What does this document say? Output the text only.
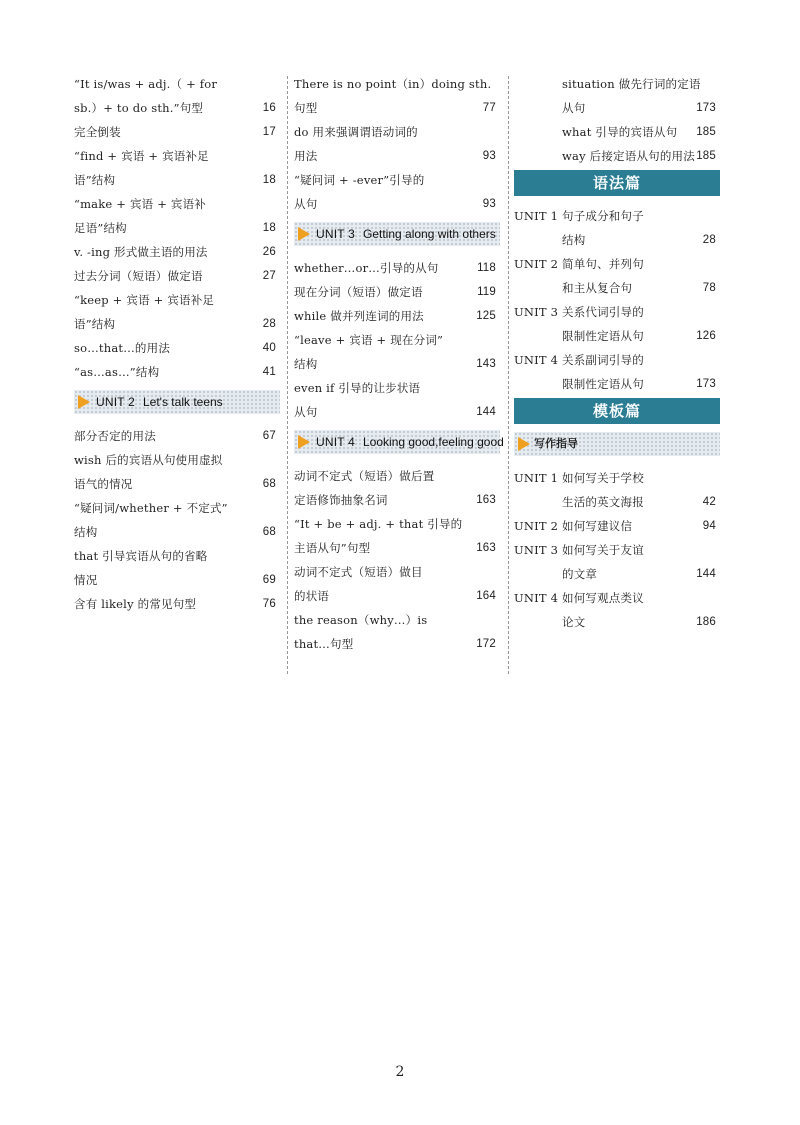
“It is/was + adj.（ + for
sb.）+ to do sth.”句型	16
完全倒装	17
“find + 宾语 + 宾语补足
语”结构	18
“make + 宾语 + 宾语补
足语”结构	18
v. -ing 形式做主语的用法	26
过去分词（短语）做定语	27
“keep + 宾语 + 宾语补足
语”结构	28
so…that…的用法	40
“as…as…”结构	41
UNIT 2 Let's talk teens
部分否定的用法	67
wish 后的宾语从句使用虚拟
语气的情况	68
“疑问词/whether + 不定式”
结构	68
that 引导宾语从句的省略
情况	69
含有 likely 的常见句型	76
There is no point（in）doing sth.
句型	77
do 用来强调谓语动词的
用法	93
“疑问词 + -ever”引导的
从句	93
UNIT 3 Getting along with others
whether…or…引导的从句	118
现在分词（短语）做定语	119
while 做并列连词的用法	125
“leave + 宾语 + 现在分词”
结构	143
even if 引导的让步状语
从句	144
UNIT 4 Looking good,feeling good
动词不定式（短语）做后置
定语修饰抽象名词	163
“It + be + adj. + that 引导的
主语从句”句型	163
动词不定式（短语）做目
的状语	164
the reason（why…）is
that…句型	172
situation 做先行词的定语
从句	173
what 引导的宾语从句	185
way 后接定语从句的用法 185
语法篇
UNIT 1 句子成分和句子
结构	28
UNIT 2 简单句、并列句
和主从复合句	78
UNIT 3 关系代词引导的
限制性定语从句	126
UNIT 4 关系副词引导的
限制性定语从句	173
模板篇
写作指导
UNIT 1 如何写关于学校
生活的英文海报	42
UNIT 2 如何写建议信	94
UNIT 3 如何写关于友谊
的文章	144
UNIT 4 如何写观点类议
论文	186
2
